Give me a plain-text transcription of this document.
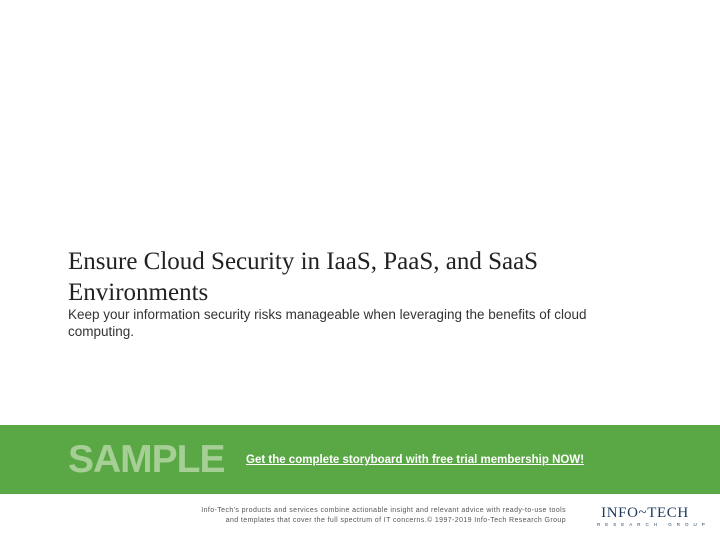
Ensure Cloud Security in IaaS, PaaS, and SaaS Environments

Keep your information security risks manageable when leveraging the benefits of cloud computing.

SAMPLE Get the complete storyboard with free trial membership NOW!
Info-Tech's products and services combine actionable insight and relevant advice with ready-to-use tools
and templates that cover the full spectrum of IT concerns.© 1997-2019 Info-Tech Research Group INFO~TECH
RESEARCH GROUP
